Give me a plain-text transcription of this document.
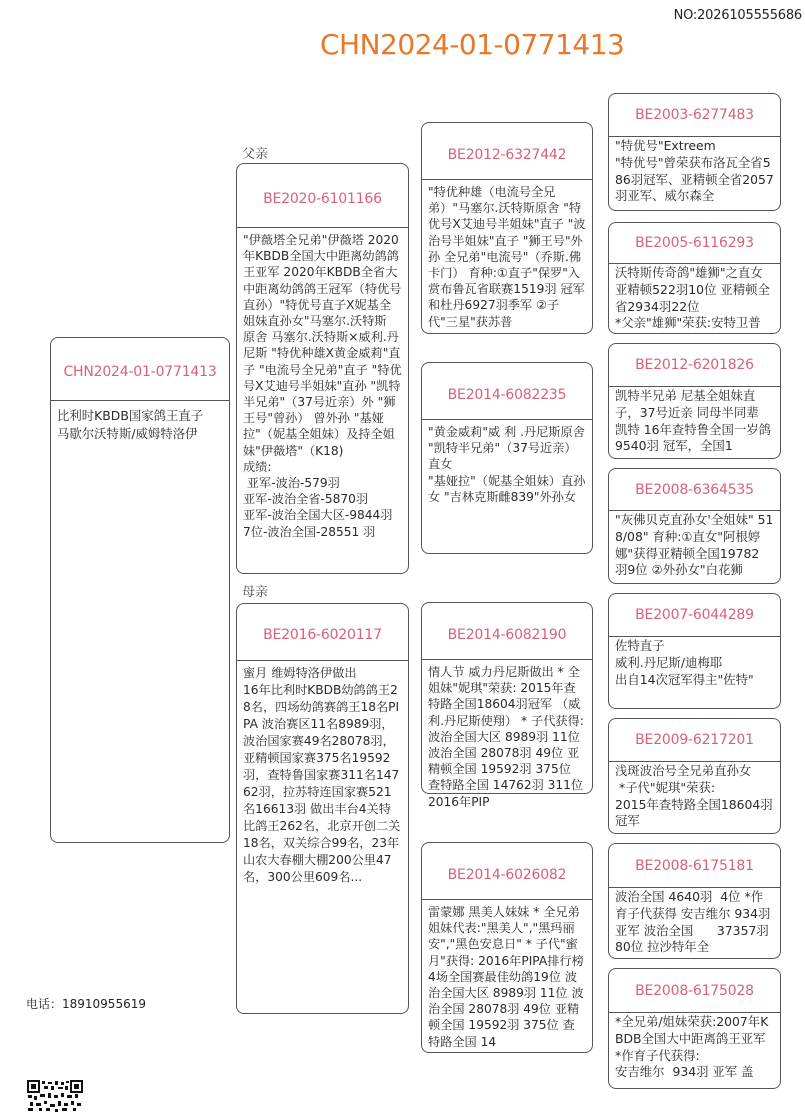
NO:2026105555686
CHN2024-01-0771413
CHN2024-01-0771413
比利时KBDB国家鸽王直子
马歇尔沃特斯/威姆特洛伊
父亲
母亲
BE2020-6101166
"伊薇塔全兄弟"伊薇塔 2020年KBDB全国大中距离幼鸽鸽王亚军 2020年KBDB全省大中距离幼鸽鸽王冠军（特优号直孙）"特优号直子X妮基全姐妹直孙女"马塞尔.沃特斯 原舍 马塞尔.沃特斯×威利.丹尼斯 "特优种雄X黄金威莉"直子 "电流号全兄弟"直子 "特优号X艾迪号半姐妹"直孙 "凯特半兄弟"（37号近亲）外 "狮王号"曾孙） 曾外孙 "基娅拉"（妮基全姐妹）及持全姐妹"伊薇塔"（K18)
成绩:
亚军-波治-579羽
亚军-波治全省-5870羽
亚军-波治全国大区-9844羽
7位-波治全国-28551 羽
BE2016-6020117
蜜月 维姆特洛伊做出
16年比利时KBDB幼鸽鸽王28名，四场幼鸽赛鸽王18名PIPA 波治赛区11名8989羽，波治国家赛49名28078羽，亚精顿国家赛375名19592羽，查特鲁国家赛311名14762羽，拉苏特连国家赛521名16613羽 做出丰台4关特比鸽王262名，北京开创二关18名，双关综合99名，23年山农大春棚大棚200公里47名，300公里609名...
BE2012-6327442
"特优种雄（电流号全兄弟）"马塞尔.沃特斯原舍 "特优号X艾迪号半姐妹"直子 "波治号半姐妹"直子 "狮王号"外孙 全兄弟"电流号"（乔斯.佛卡门） 育种:①直子"保罗"入赏布鲁瓦省联赛1519羽 冠军和杜丹6927羽季军 ②子代"三星"获苏普
BE2014-6082235
"黄金威莉"威 利 .丹尼斯原舍 "凯特半兄弟"（37号近亲）直女
"基娅拉"（妮基全姐妹）直孙女 "吉林克斯雌839"外孙女
BE2014-6082190
情人节 威力丹尼斯做出 * 全姐妹"妮琪"荣获: 2015年查特路全国18604羽冠军 （威利.丹尼斯使翔） * 子代获得: 波治全国大区 8989羽 11位 波治全国 28078羽 49位 亚精顿全国 19592羽 375位 查特路全国 14762羽 311位 2016年PIP
BE2014-6026082
雷蒙娜 黑美人妹妹 * 全兄弟姐妹代表:"黑美人","黑玛丽安","黑色安息日" * 子代"蜜月"获得: 2016年PIPA排行榜4场全国赛最佳幼鸽19位 波治全国大区 8989羽 11位 波治全国 28078羽 49位 亚精顿全国 19592羽 375位 查特路全国 14
BE2003-6277483
"特优号"Extreem
"特优号"曾荣获布洛瓦全省586羽冠军、亚精顿全省2057羽亚军、威尔森全
BE2005-6116293
沃特斯传奇鸽"雄狮"之直女 亚精顿522羽10位 亚精顿全省2934羽22位
*父亲"雄狮"荣获:安特卫普
BE2012-6201826
凯特半兄弟 尼基全姐妹直子，37号近亲 同母半同辈 凯特 16年查特鲁全国一岁鸽9540羽 冠军，全国1
BE2008-6364535
"灰佛贝克直孙女'全姐妹" 518/08" 育种:①直女"阿根婷娜"获得亚精顿全国19782 羽9位 ②外孙女"白花狮
BE2007-6044289
佐特直子
威利.丹尼斯/迪梅耶
出自14次冠军得主"佐特"
BE2009-6217201
浅斑波治号全兄弟直孙女
*子代"妮琪"荣获:
2015年查特路全国18604羽冠军
BE2008-6175181
波治全国 4640羽  4位 *作育子代获得 安吉维尔 934羽  亚军 波治全国      37357羽  80位 拉沙特年全
BE2008-6175028
*全兄弟/姐妹荣获:2007年KBDB全国大中距离鸽王亚军 *作育子代获得:
安吉维尔  934羽 亚军 盖
电话：18910955619
